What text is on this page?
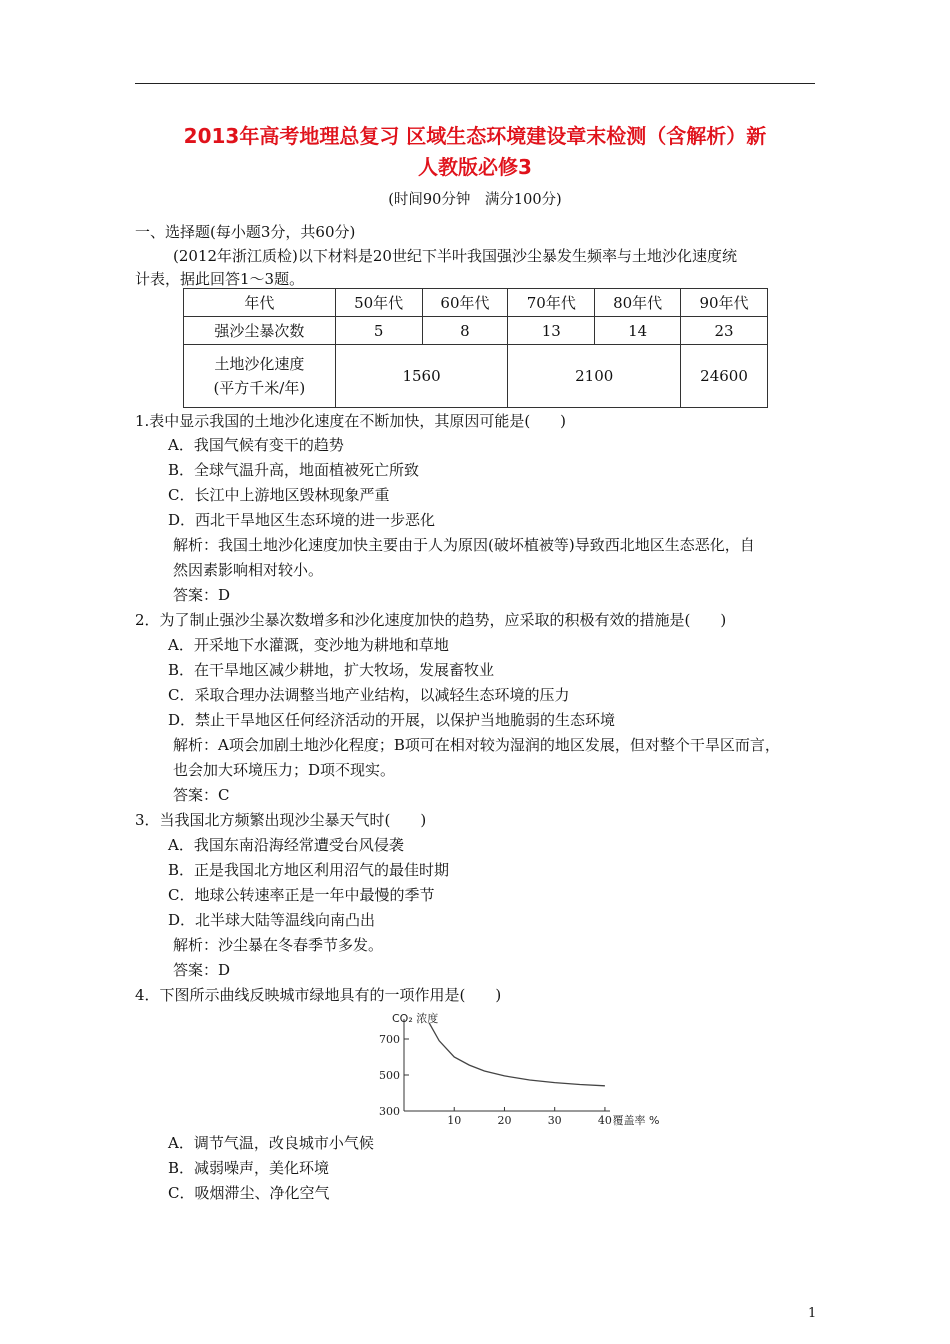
2013年高考地理总复习 区域生态环境建设章末检测（含解析）新
人教版必修3
(时间90分钟　满分100分)
一、选择题(每小题3分，共60分)
(2012年浙江质检)以下材料是20世纪下半叶我国强沙尘暴发生频率与土地沙化速度统
计表，据此回答1～3题。
年代	50年代	60年代	70年代	80年代	90年代
强沙尘暴次数	5	8	13	14	23
土地沙化速度
(平方千米/年)	1560		2100		24600
1.表中显示我国的土地沙化速度在不断加快，其原因可能是(　　)
A．我国气候有变干的趋势
B．全球气温升高，地面植被死亡所致
C．长江中上游地区毁林现象严重
D．西北干旱地区生态环境的进一步恶化
解析：我国土地沙化速度加快主要由于人为原因(破坏植被等)导致西北地区生态恶化，自
然因素影响相对较小。
答案：D
2．为了制止强沙尘暴次数增多和沙化速度加快的趋势，应采取的积极有效的措施是(　　)
A．开采地下水灌溉，变沙地为耕地和草地
B．在干旱地区减少耕地，扩大牧场，发展畜牧业
C．采取合理办法调整当地产业结构，以减轻生态环境的压力
D．禁止干旱地区任何经济活动的开展，以保护当地脆弱的生态环境
解析：A项会加剧土地沙化程度；B项可在相对较为湿润的地区发展，但对整个干旱区而言，
也会加大环境压力；D项不现实。
答案：C
3．当我国北方频繁出现沙尘暴天气时(　　)
A．我国东南沿海经常遭受台风侵袭
B．正是我国北方地区利用沼气的最佳时期
C．地球公转速率正是一年中最慢的季节
D．北半球大陆等温线向南凸出
解析：沙尘暴在冬春季节多发。
答案：D
4．下图所示曲线反映城市绿地具有的一项作用是(　　)
700
500
300
10	20	30	40
CO₂ 浓度
覆盖率 %
A．调节气温，改良城市小气候
B．减弱噪声，美化环境
C．吸烟滞尘、净化空气
1
